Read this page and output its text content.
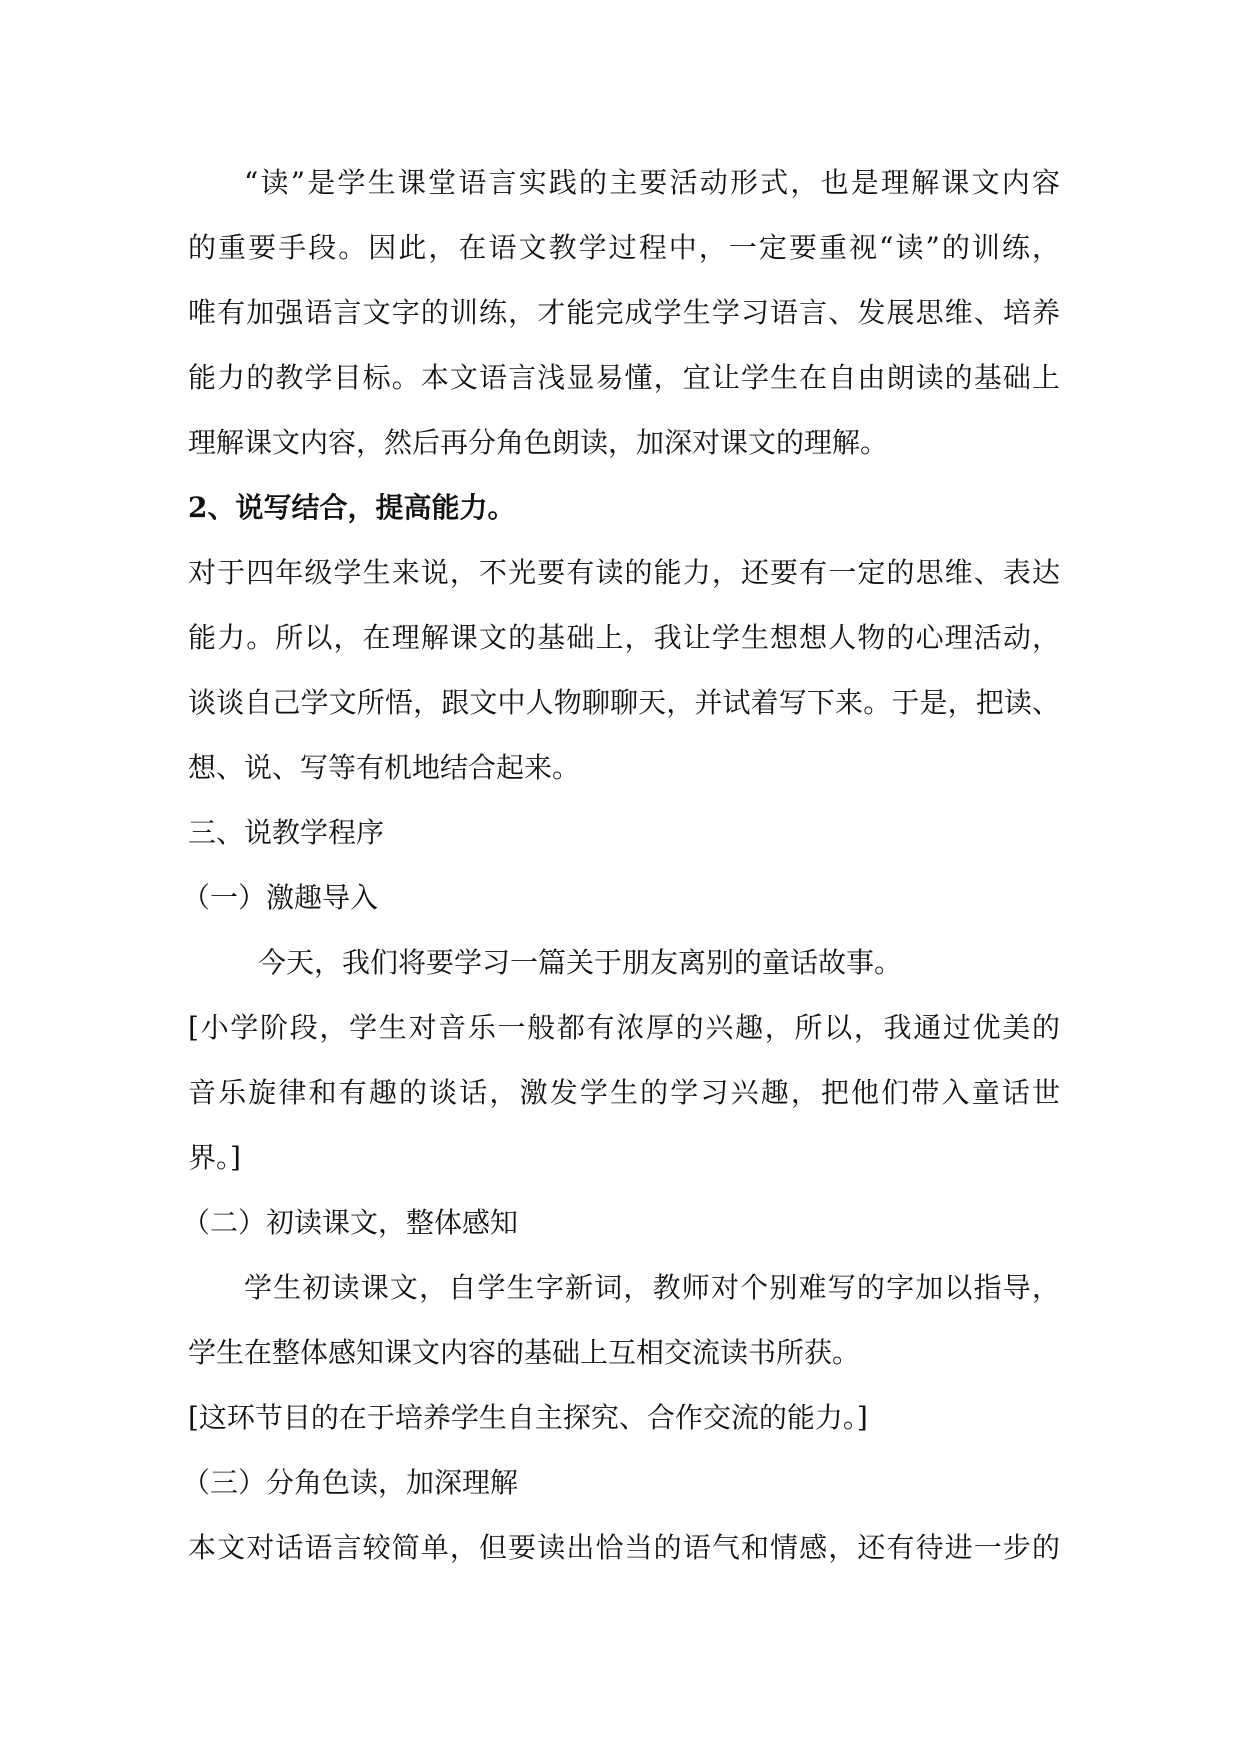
“读”是学生课堂语言实践的主要活动形式，也是理解课文内容
的重要手段。因此，在语文教学过程中，一定要重视“读”的训练，
唯有加强语言文字的训练，才能完成学生学习语言、发展思维、培养
能力的教学目标。本文语言浅显易懂，宜让学生在自由朗读的基础上
理解课文内容，然后再分角色朗读，加深对课文的理解。
2、说写结合，提高能力。
对于四年级学生来说，不光要有读的能力，还要有一定的思维、表达
能力。所以，在理解课文的基础上，我让学生想想人物的心理活动，
谈谈自己学文所悟，跟文中人物聊聊天，并试着写下来。于是，把读、
想、说、写等有机地结合起来。
三、说教学程序
（一）激趣导入
今天，我们将要学习一篇关于朋友离别的童话故事。
[小学阶段，学生对音乐一般都有浓厚的兴趣，所以，我通过优美的
音乐旋律和有趣的谈话，激发学生的学习兴趣，把他们带入童话世
界。]
（二）初读课文，整体感知
学生初读课文，自学生字新词，教师对个别难写的字加以指导，
学生在整体感知课文内容的基础上互相交流读书所获。
[这环节目的在于培养学生自主探究、合作交流的能力。]
（三）分角色读，加深理解
本文对话语言较简单，但要读出恰当的语气和情感，还有待进一步的
